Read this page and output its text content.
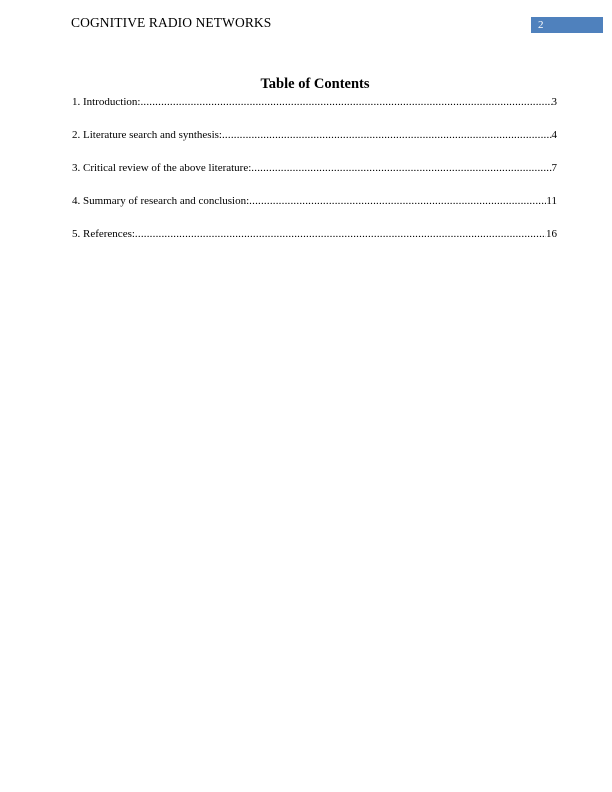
COGNITIVE RADIO NETWORKS	2
Table of Contents
1. Introduction: .....	3
2. Literature search and synthesis: .....	4
3. Critical review of the above literature: .....	7
4. Summary of research and conclusion: .....	11
5. References: .....	16
